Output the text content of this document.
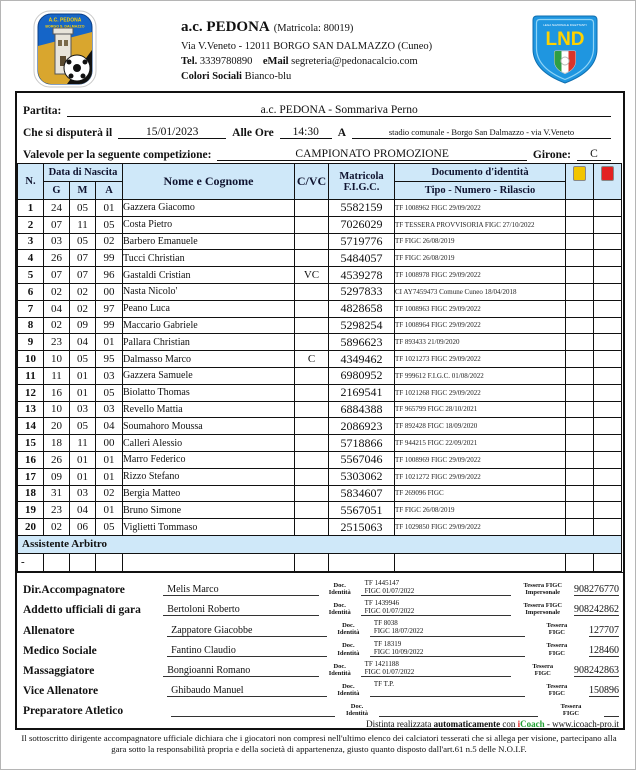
A.C. PEDONA
BORGO S. DALMAZZO	a.c. PEDONA (Matricola: 80019)
Via V.Veneto - 12011 BORGO SAN DALMAZZO (Cuneo)
Tel. 3339780890 eMail segreteria@pedonacalcio.com
Colori Sociali Bianco-blu
LEGA NAZIONALE DILETTANTI
LND
Partita:	a.c. PEDONA - Sommariva Perno
Che si disputerà il	15/01/2023	Alle Ore	14:30	A	stadio comunale - Borgo San Dalmazzo - via V.Veneto
Valevole per la seguente competizione:	CAMPIONATO PROMOZIONE	Girone:	C
N.	Data di Nascita			Nome e Cognome	C/VC	Matricola
F.I.G.C.	Documento d'identità	

	G	M	A				Tipo - Numero - Rilascio		
1	24	05	01	Gazzera Giacomo		5582159	TF 1008962 FIGC 29/09/2022		
2	07	11	05	Costa Pietro		7026029	TF TESSERA PROVVISORIA FIGC 27/10/2022		
3	03	05	02	Barbero Emanuele		5719776	TF FIGC 26/08/2019		
4	26	07	99	Tucci Christian		5484057	TF FIGC 26/08/2019		
5	07	07	96	Gastaldi Cristian	VC	4539278	TF 1008978 FIGC 29/09/2022		
6	02	02	00	Nasta Nicolo'		5297833	CI AY7459473 Comune Cuneo 18/04/2018		
7	04	02	97	Peano Luca		4828658	TF 1008963 FIGC 29/09/2022		
8	02	09	99	Maccario Gabriele		5298254	TF 1008964 FIGC 29/09/2022		
9	23	04	01	Pallara Christian		5896623	TF 893433 21/09/2020		
10	10	05	95	Dalmasso Marco	C	4349462	TF 1021273 FIGC 29/09/2022		
11	11	01	03	Gazzera Samuele		6980952	TF 999612 F.I.G.C. 01/08/2022		
12	16	01	05	Biolatto Thomas		2169541	TF 1021268 FIGC 29/09/2022		
13	10	03	03	Revello Mattia		6884388	TF 965799 FIGC 28/10/2021		
14	20	05	04	Soumahoro Moussa		2086923	TF 892428 FIGC 18/09/2020		
15	18	11	00	Calleri Alessio		5718866	TF 944215 FIGC 22/09/2021		
16	26	01	01	Marro Federico		5567046	TF 1008969 FIGC 29/09/2022		
17	09	01	01	Rizzo Stefano		5303062	TF 1021272 FIGC 29/09/2022		
18	31	03	02	Bergia Matteo		5834607	TF 269096 FIGC		
19	23	04	01	Bruno Simone		5567051	TF FIGC 26/08/2019		
20	02	06	05	Viglietti Tommaso		2515063	TF 1029850 FIGC 29/09/2022		
Assistente Arbitro									
-									
Dir.Accompagnatore	Melis Marco	Doc.
Identità
TF 1445147
FIGC 01/07/2022
Tessera FIGC
Impersonale	908276770
Addetto ufficiali di gara	Bertoloni Roberto	Doc.
Identità
TF 1439946
FIGC 01/07/2022
Tessera FIGC
Impersonale	908242862
Allenatore	Zappatore Giacobbe	Doc.
Identità
TF 8038
FIGC 18/07/2022
Tessera
FIGC	127707
Medico Sociale	Fantino Claudio	Doc.
Identità
TF 18319
FIGC 10/09/2022
Tessera
FIGC	128460
Massaggiatore	Bongioanni Romano	Doc.
Identità
TF 1421188
FIGC 01/07/2022
Tessera
FIGC	908242863
Vice Allenatore	Ghibaudo Manuel	Doc.
Identità
TF T.P.
	Tessera
FIGC	150896
Preparatore Atletico
	Doc.
Identità

Tessera
FIGC

Distinta realizzata automaticamente con iCoach - www.icoach-pro.it
Il sottoscritto dirigente accompagnatore ufficiale dichiara che i giocatori non compresi nell'ultimo elenco dei calciatori tesserati che si allega per visione, partecipano alla gara sotto la responsabilità propria e della società di appartenenza, giusto quanto disposto dall'art.61 n.5 delle N.O.I.F.
